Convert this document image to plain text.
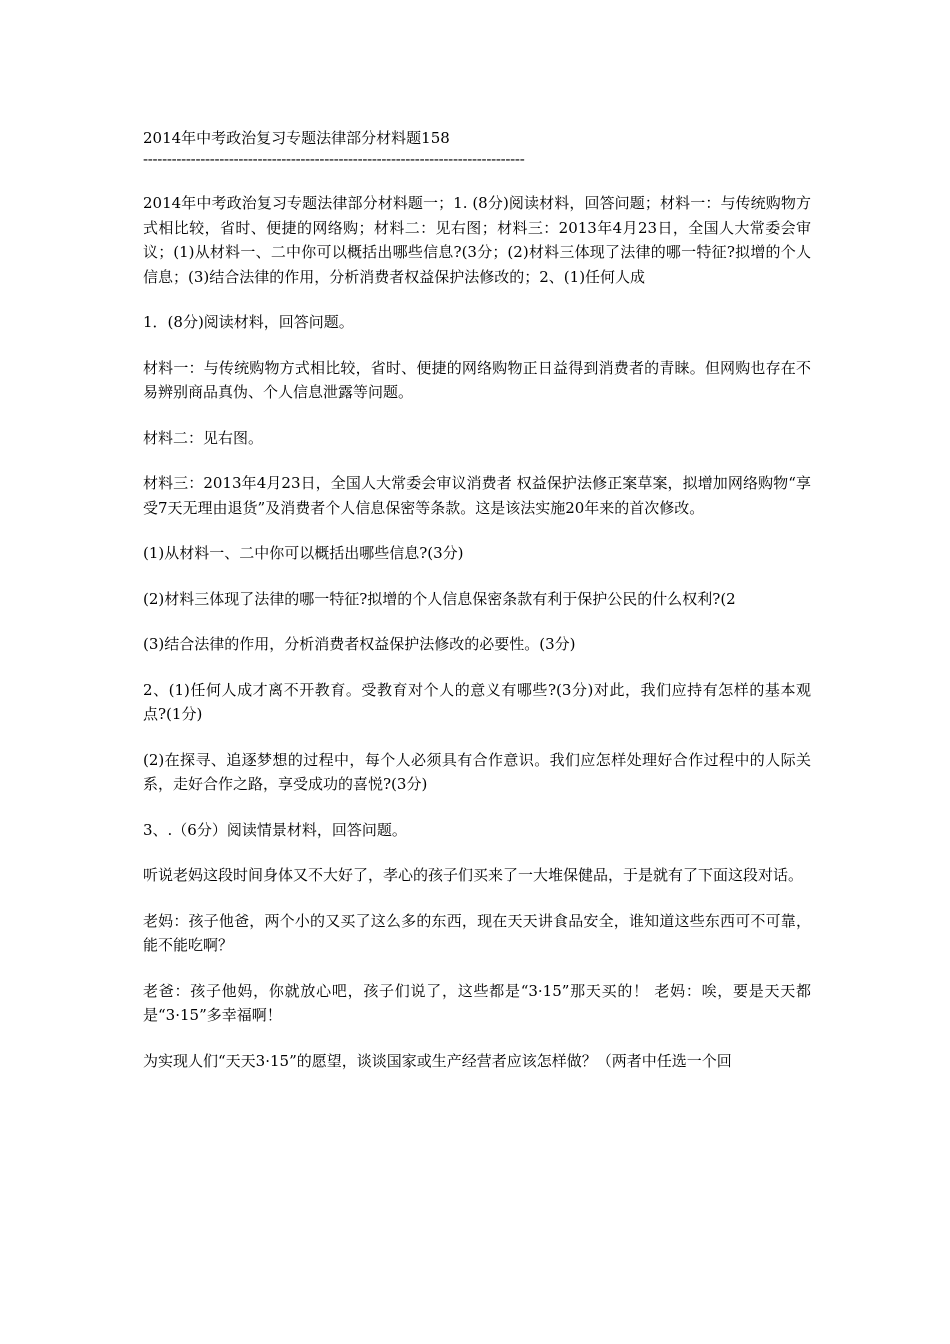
2014年中考政治复习专题法律部分材料题158

--------------------------------------------------------------------------------

2014年中考政治复习专题法律部分材料题一；1. (8分)阅读材料，回答问题；材料一：与传统购物方式相比较，省时、便捷的网络购；材料二：见右图；材料三：2013年4月23日，全国人大常委会审议；(1)从材料一、二中你可以概括出哪些信息?(3分；(2)材料三体现了法律的哪一特征?拟增的个人信息；(3)结合法律的作用，分析消费者权益保护法修改的；2、(1)任何人成

1．(8分)阅读材料，回答问题。

材料一：与传统购物方式相比较，省时、便捷的网络购物正日益得到消费者的青睐。但网购也存在不易辨别商品真伪、个人信息泄露等问题。

材料二：见右图。

材料三：2013年4月23日，全国人大常委会审议消费者 权益保护法修正案草案，拟增加网络购物“享受7天无理由退货”及消费者个人信息保密等条款。这是该法实施20年来的首次修改。

(1)从材料一、二中你可以概括出哪些信息?(3分)

(2)材料三体现了法律的哪一特征?拟增的个人信息保密条款有利于保护公民的什么权利?(2

(3)结合法律的作用，分析消费者权益保护法修改的必要性。(3分)

2、(1)任何人成才离不开教育。受教育对个人的意义有哪些?(3分)对此，我们应持有怎样的基本观点?(1分)

(2)在探寻、追逐梦想的过程中，每个人必须具有合作意识。我们应怎样处理好合作过程中的人际关系，走好合作之路，享受成功的喜悦?(3分)

3、.（6分）阅读情景材料，回答问题。

听说老妈这段时间身体又不大好了，孝心的孩子们买来了一大堆保健品，于是就有了下面这段对话。

老妈：孩子他爸，两个小的又买了这么多的东西，现在天天讲食品安全，谁知道这些东西可不可靠，能不能吃啊？

老爸：孩子他妈，你就放心吧，孩子们说了，这些都是“3·15”那天买的！ 老妈：唉，要是天天都是“3·15”多幸福啊！

为实现人们“天天3·15”的愿望，谈谈国家或生产经营者应该怎样做？（两者中任选一个回
